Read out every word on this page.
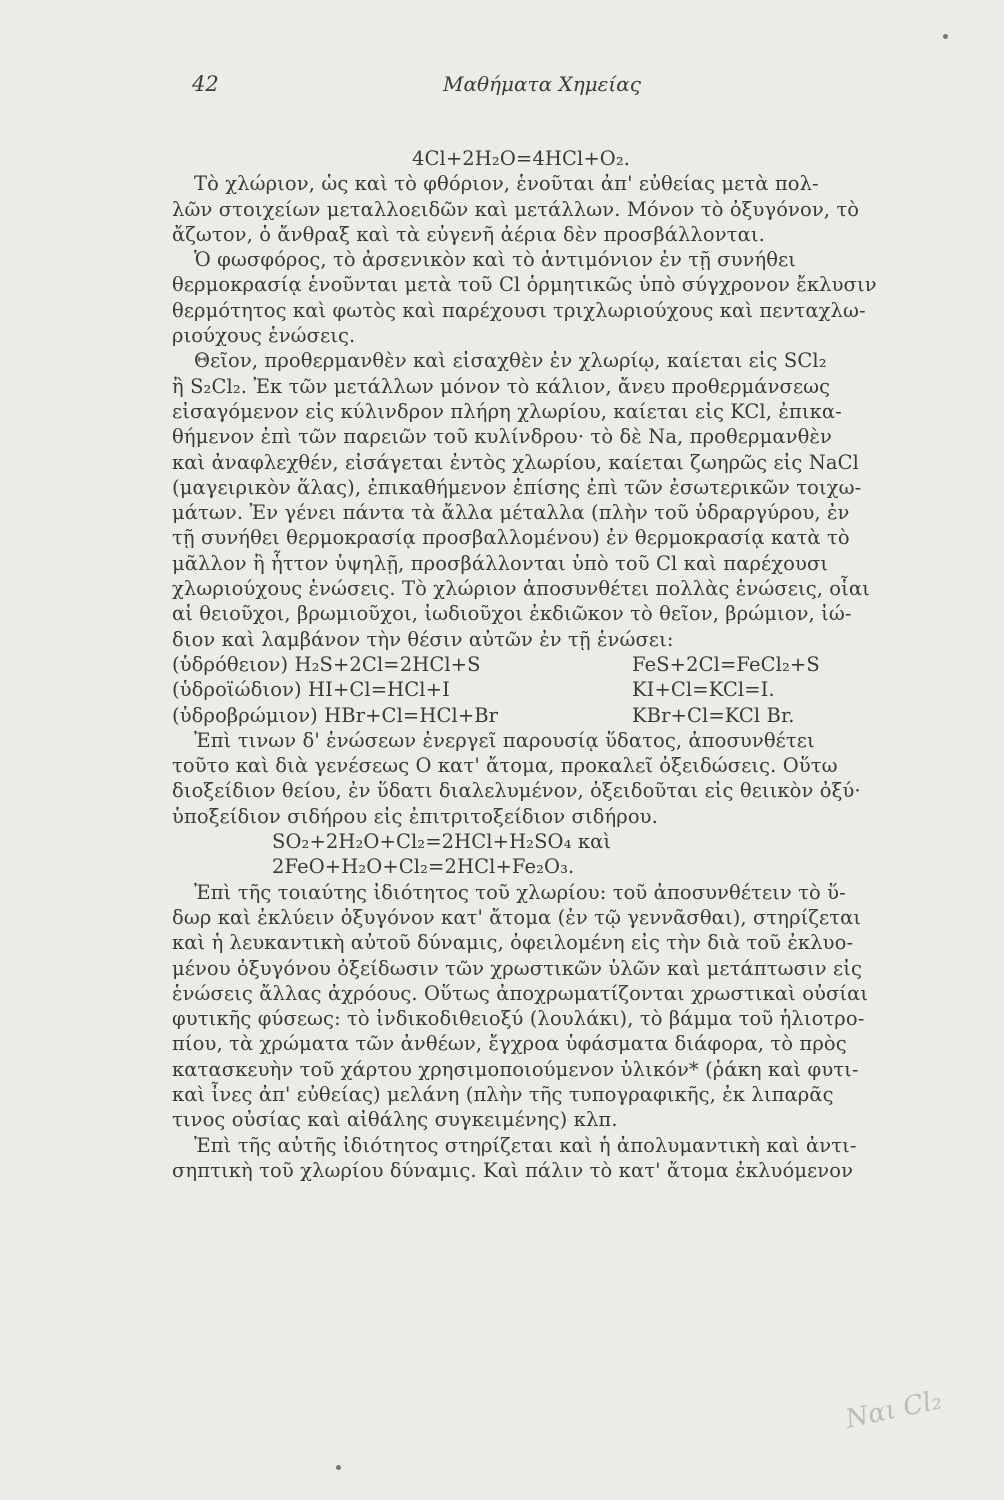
42	Μαθήματα Χημείας
4Cl+2H₂O=4HCl+O₂.
Τὸ χλώριον, ὡς καὶ τὸ φθόριον, ἑνοῦται ἀπ' εὐθείας μετὰ πολ-
λῶν στοιχείων μεταλλοειδῶν καὶ μετάλλων. Μόνον τὸ ὀξυγόνον, τὸ
ἄζωτον, ὁ ἄνθραξ καὶ τὰ εὐγενῆ ἀέρια δὲν προσβάλλονται.
Ὁ φωσφόρος, τὸ ἀρσενικὸν καὶ τὸ ἀντιμόνιον ἐν τῇ συνήθει
θερμοκρασίᾳ ἑνοῦνται μετὰ τοῦ Cl ὁρμητικῶς ὑπὸ σύγχρονον ἔκλυσιν
θερμότητος καὶ φωτὸς καὶ παρέχουσι τριχλωριούχους καὶ πενταχλω-
ριούχους ἑνώσεις.
Θεῖον, προθερμανθὲν καὶ εἰσαχθὲν ἐν χλωρίῳ, καίεται εἰς SCl₂
ἢ S₂Cl₂. Ἐκ τῶν μετάλλων μόνον τὸ κάλιον, ἄνευ προθερμάνσεως
εἰσαγόμενον εἰς κύλινδρον πλήρη χλωρίου, καίεται εἰς KCl, ἐπικα-
θήμενον ἐπὶ τῶν παρειῶν τοῦ κυλίνδρου· τὸ δὲ Na, προθερμανθὲν
καὶ ἀναφλεχθέν, εἰσάγεται ἐντὸς χλωρίου, καίεται ζωηρῶς εἰς NaCl
(μαγειρικὸν ἅλας), ἐπικαθήμενον ἐπίσης ἐπὶ τῶν ἐσωτερικῶν τοιχω-
μάτων. Ἐν γένει πάντα τὰ ἄλλα μέταλλα (πλὴν τοῦ ὑδραργύρου, ἐν
τῇ συνήθει θερμοκρασίᾳ προσβαλλομένου) ἐν θερμοκρασίᾳ κατὰ τὸ
μᾶλλον ἢ ἧττον ὑψηλῇ, προσβάλλονται ὑπὸ τοῦ Cl καὶ παρέχουσι
χλωριούχους ἑνώσεις. Τὸ χλώριον ἀποσυνθέτει πολλὰς ἑνώσεις, οἷαι
αἱ θειοῦχοι, βρωμιοῦχοι, ἰωδιοῦχοι ἐκδιῶκον τὸ θεῖον, βρώμιον, ἰώ-
διον καὶ λαμβάνον τὴν θέσιν αὐτῶν ἐν τῇ ἑνώσει:
(ὑδρόθειον) H₂S+2Cl=2HCl+S	FeS+2Cl=FeCl₂+S
(ὑδροϊώδιον) HI+Cl=HCl+I	KI+Cl=KCl=I.
(ὑδροβρώμιον) HBr+Cl=HCl+Br	KBr+Cl=KCl Br.
Ἐπὶ τινων δ' ἑνώσεων ἐνεργεῖ παρουσίᾳ ὕδατος, ἀποσυνθέτει
τοῦτο καὶ διὰ γενέσεως O κατ' ἄτομα, προκαλεῖ ὀξειδώσεις. Οὕτω
διοξείδιον θείου, ἐν ὕδατι διαλελυμένον, ὀξειδοῦται εἰς θειικὸν ὀξύ·
ὑποξείδιον σιδήρου εἰς ἐπιτριτοξείδιον σιδήρου.
SO₂+2H₂O+Cl₂=2HCl+H₂SO₄ καὶ
2FeO+H₂O+Cl₂=2HCl+Fe₂O₃.
Ἐπὶ τῆς τοιαύτης ἰδιότητος τοῦ χλωρίου: τοῦ ἀποσυνθέτειν τὸ ὕ-
δωρ καὶ ἐκλύειν ὀξυγόνον κατ' ἄτομα (ἐν τῷ γεννᾶσθαι), στηρίζεται
καὶ ἡ λευκαντικὴ αὐτοῦ δύναμις, ὀφειλομένη εἰς τὴν διὰ τοῦ ἐκλυο-
μένου ὀξυγόνου ὀξείδωσιν τῶν χρωστικῶν ὑλῶν καὶ μετάπτωσιν εἰς
ἑνώσεις ἄλλας ἀχρόους. Οὕτως ἀποχρωματίζονται χρωστικαὶ οὐσίαι
φυτικῆς φύσεως: τὸ ἰνδικοδιθειοξύ (λουλάκι), τὸ βάμμα τοῦ ἡλιοτρο-
πίου, τὰ χρώματα τῶν ἀνθέων, ἔγχροα ὑφάσματα διάφορα, τὸ πρὸς
κατασκευὴν τοῦ χάρτου χρησιμοποιούμενον ὑλικόν* (ῥάκη καὶ φυτι-
καὶ ἶνες ἀπ' εὐθείας) μελάνη (πλὴν τῆς τυπογραφικῆς, ἐκ λιπαρᾶς
τινος οὐσίας καὶ αἰθάλης συγκειμένης) κλπ.
Ἐπὶ τῆς αὐτῆς ἰδιότητος στηρίζεται καὶ ἡ ἀπολυμαντικὴ καὶ ἀντι-
σηπτικὴ τοῦ χλωρίου δύναμις. Καὶ πάλιν τὸ κατ' ἄτομα ἐκλυόμενον
Ναι Cl₂
